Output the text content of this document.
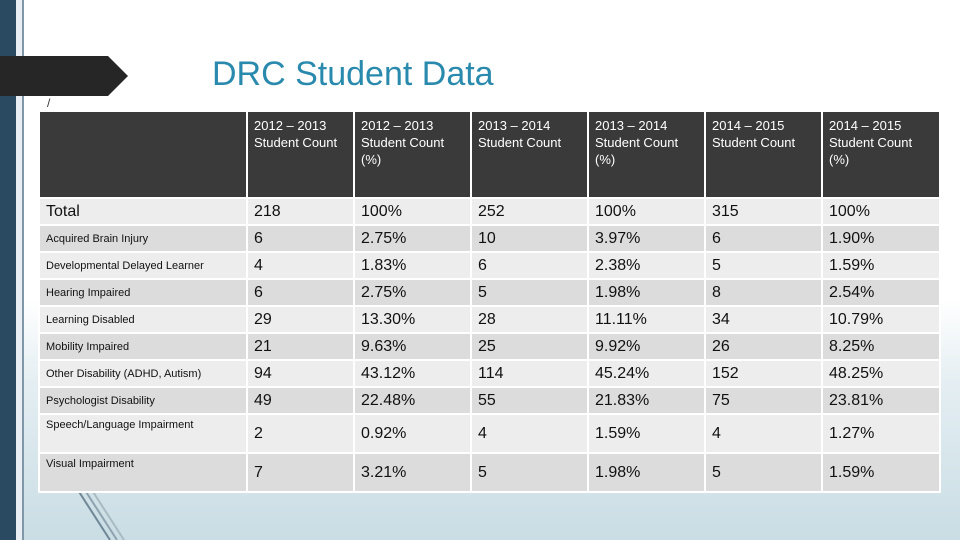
DRC Student Data
/
	2012 – 2013 Student Count	2012 – 2013 Student Count (%)	2013 – 2014 Student Count	2013 – 2014 Student Count (%)	2014 – 2015 Student Count	2014 – 2015 Student Count (%)
Total	218	100%	252	100%	315	100%
Acquired Brain Injury	6	2.75%	10	3.97%	6	1.90%
Developmental Delayed Learner	4	1.83%	6	2.38%	5	1.59%
Hearing Impaired	6	2.75%	5	1.98%	8	2.54%
Learning Disabled	29	13.30%	28	11.11%	34	10.79%
Mobility Impaired	21	9.63%	25	9.92%	26	8.25%
Other Disability (ADHD, Autism)	94	43.12%	114	45.24%	152	48.25%
Psychologist Disability	49	22.48%	55	21.83%	75	23.81%
Speech/Language Impairment	2	0.92%	4	1.59%	4	1.27%
Visual Impairment	7	3.21%	5	1.98%	5	1.59%
